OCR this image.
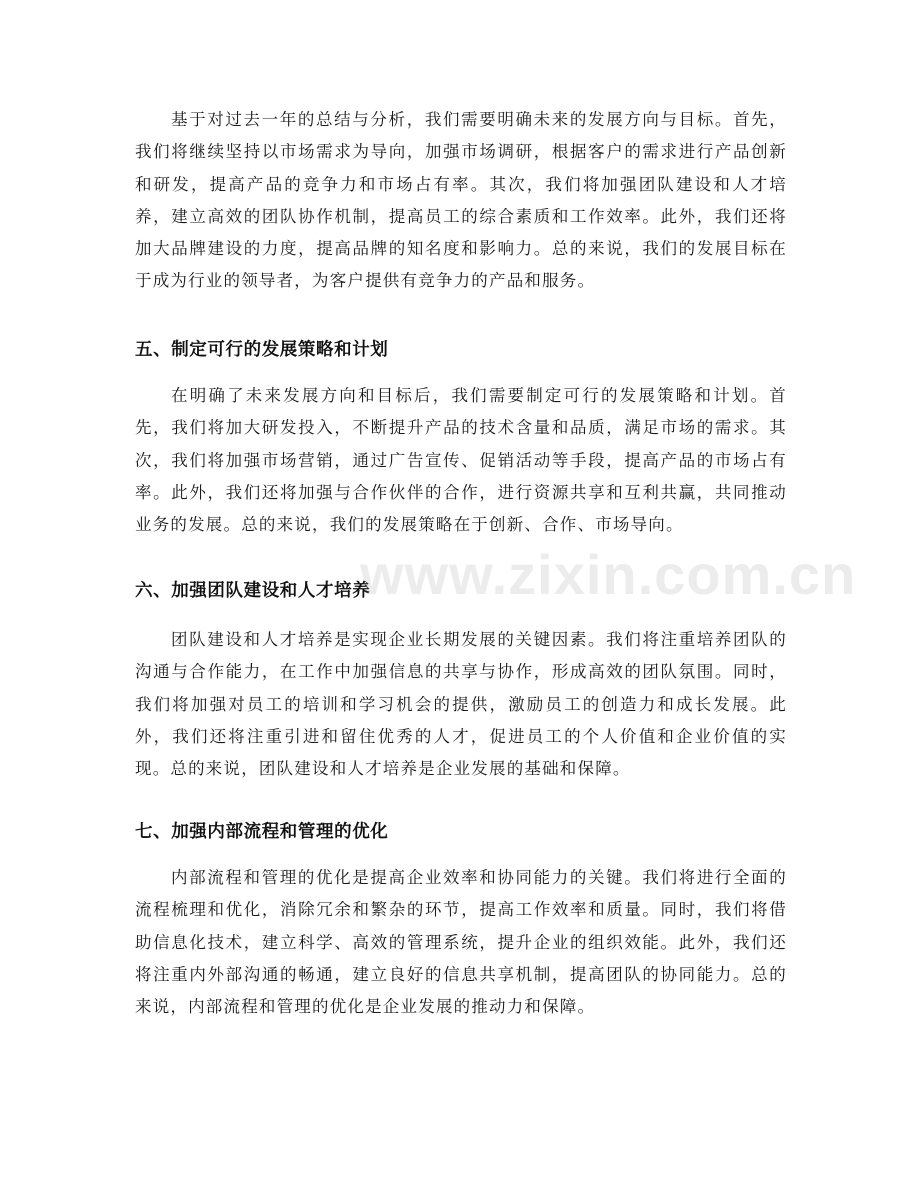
基于对过去一年的总结与分析，我们需要明确未来的发展方向与目标。首先，我们将继续坚持以市场需求为导向，加强市场调研，根据客户的需求进行产品创新和研发，提高产品的竞争力和市场占有率。其次，我们将加强团队建设和人才培养，建立高效的团队协作机制，提高员工的综合素质和工作效率。此外，我们还将加大品牌建设的力度，提高品牌的知名度和影响力。总的来说，我们的发展目标在于成为行业的领导者，为客户提供有竞争力的产品和服务。

五、制定可行的发展策略和计划

在明确了未来发展方向和目标后，我们需要制定可行的发展策略和计划。首先，我们将加大研发投入，不断提升产品的技术含量和品质，满足市场的需求。其次，我们将加强市场营销，通过广告宣传、促销活动等手段，提高产品的市场占有率。此外，我们还将加强与合作伙伴的合作，进行资源共享和互利共赢，共同推动业务的发展。总的来说，我们的发展策略在于创新、合作、市场导向。

六、加强团队建设和人才培养

团队建设和人才培养是实现企业长期发展的关键因素。我们将注重培养团队的沟通与合作能力，在工作中加强信息的共享与协作，形成高效的团队氛围。同时，我们将加强对员工的培训和学习机会的提供，激励员工的创造力和成长发展。此外，我们还将注重引进和留住优秀的人才，促进员工的个人价值和企业价值的实现。总的来说，团队建设和人才培养是企业发展的基础和保障。

七、加强内部流程和管理的优化

内部流程和管理的优化是提高企业效率和协同能力的关键。我们将进行全面的流程梳理和优化，消除冗余和繁杂的环节，提高工作效率和质量。同时，我们将借助信息化技术，建立科学、高效的管理系统，提升企业的组织效能。此外，我们还将注重内外部沟通的畅通，建立良好的信息共享机制，提高团队的协同能力。总的来说，内部流程和管理的优化是企业发展的推动力和保障。

www.zixin.com.cn
